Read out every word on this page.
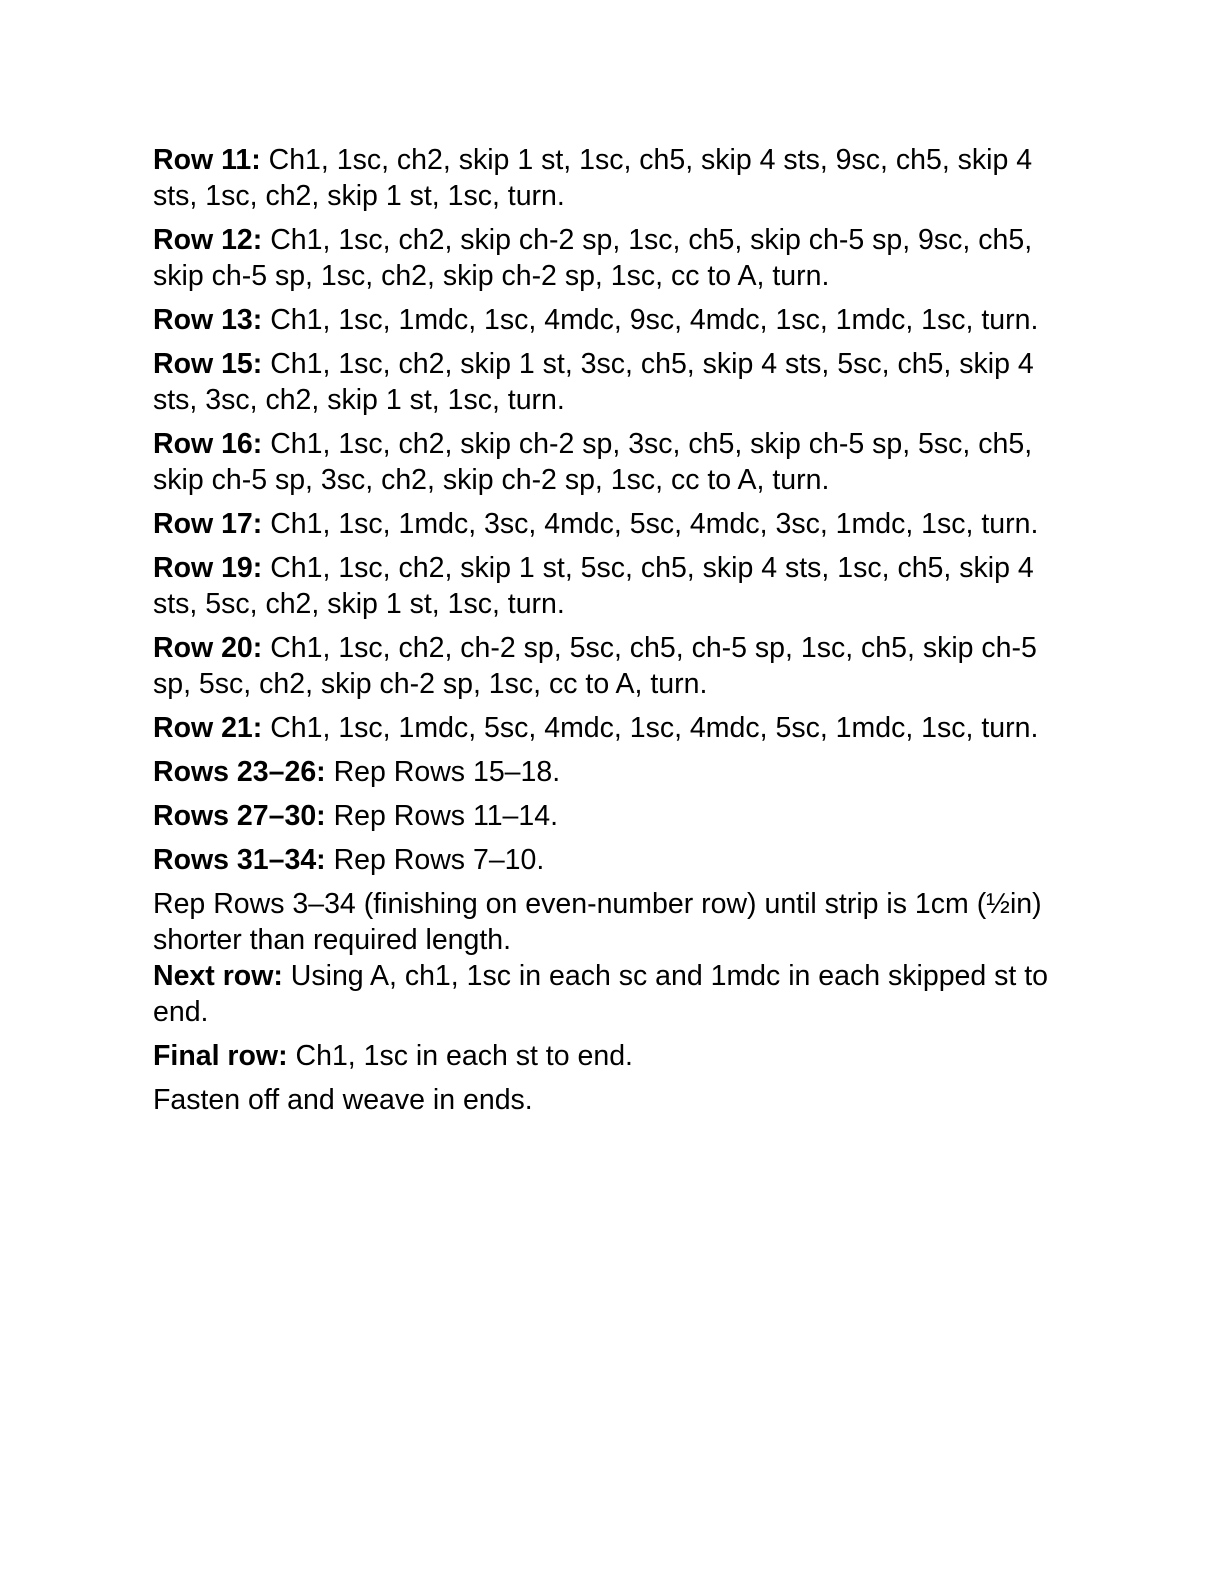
Row 11: Ch1, 1sc, ch2, skip 1 st, 1sc, ch5, skip 4 sts, 9sc, ch5, skip 4 sts, 1sc, ch2, skip 1 st, 1sc, turn.

Row 12: Ch1, 1sc, ch2, skip ch-2 sp, 1sc, ch5, skip ch-5 sp, 9sc, ch5, skip ch-5 sp, 1sc, ch2, skip ch-2 sp, 1sc, cc to A, turn.

Row 13: Ch1, 1sc, 1mdc, 1sc, 4mdc, 9sc, 4mdc, 1sc, 1mdc, 1sc, turn.

Row 15: Ch1, 1sc, ch2, skip 1 st, 3sc, ch5, skip 4 sts, 5sc, ch5, skip 4 sts, 3sc, ch2, skip 1 st, 1sc, turn.

Row 16: Ch1, 1sc, ch2, skip ch-2 sp, 3sc, ch5, skip ch-5 sp, 5sc, ch5, skip ch-5 sp, 3sc, ch2, skip ch-2 sp, 1sc, cc to A, turn.

Row 17: Ch1, 1sc, 1mdc, 3sc, 4mdc, 5sc, 4mdc, 3sc, 1mdc, 1sc, turn.

Row 19: Ch1, 1sc, ch2, skip 1 st, 5sc, ch5, skip 4 sts, 1sc, ch5, skip 4 sts, 5sc, ch2, skip 1 st, 1sc, turn.

Row 20: Ch1, 1sc, ch2, ch-2 sp, 5sc, ch5, ch-5 sp, 1sc, ch5, skip ch-5 sp, 5sc, ch2, skip ch-2 sp, 1sc, cc to A, turn.

Row 21: Ch1, 1sc, 1mdc, 5sc, 4mdc, 1sc, 4mdc, 5sc, 1mdc, 1sc, turn.

Rows 23–26: Rep Rows 15–18.

Rows 27–30: Rep Rows 11–14.

Rows 31–34: Rep Rows 7–10.

Rep Rows 3–34 (finishing on even-number row) until strip is 1cm (½in) shorter than required length.

Next row: Using A, ch1, 1sc in each sc and 1mdc in each skipped st to end.

Final row: Ch1, 1sc in each st to end.

Fasten off and weave in ends.
